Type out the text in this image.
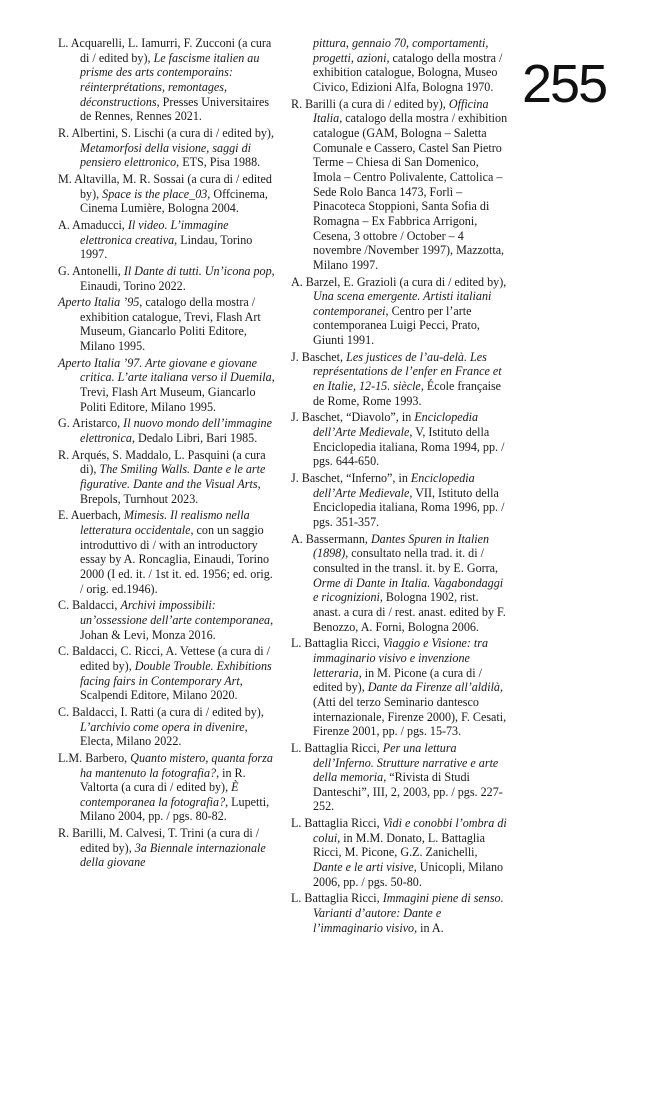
L. Acquarelli, L. Iamurri, F. Zucconi (a cura di / edited by), Le fascisme italien au prisme des arts contemporains: réinterprétations, remontages, déconstructions, Presses Universitaires de Rennes, Rennes 2021.

R. Albertini, S. Lischi (a cura di / edited by), Metamorfosi della visione, saggi di pensiero elettronico, ETS, Pisa 1988.

M. Altavilla, M. R. Sossai (a cura di / edited by), Space is the place_03, Offcinema, Cinema Lumière, Bologna 2004.

A. Amaducci, Il video. L’immagine elettronica creativa, Lindau, Torino 1997.

G. Antonelli, Il Dante di tutti. Un’icona pop, Einaudi, Torino 2022.

Aperto Italia ’95, catalogo della mostra / exhibition catalogue, Trevi, Flash Art Museum, Giancarlo Politi Editore, Milano 1995.

Aperto Italia ’97. Arte giovane e giovane critica. L’arte italiana verso il Duemila, Trevi, Flash Art Museum, Giancarlo Politi Editore, Milano 1995.

G. Aristarco, Il nuovo mondo dell’immagine elettronica, Dedalo Libri, Bari 1985.

R. Arqués, S. Maddalo, L. Pasquini (a cura di), The Smiling Walls. Dante e le arte figurative. Dante and the Visual Arts, Brepols, Turnhout 2023.

E. Auerbach, Mimesis. Il realismo nella letteratura occidentale, con un saggio introduttivo di / with an introductory essay by A. Roncaglia, Einaudi, Torino 2000 (I ed. it. / 1st it. ed. 1956; ed. orig. / orig. ed.1946).

C. Baldacci, Archivi impossibili: un’ossessione dell’arte contemporanea, Johan & Levi, Monza 2016.

C. Baldacci, C. Ricci, A. Vettese (a cura di / edited by), Double Trouble. Exhibitions facing fairs in Contemporary Art, Scalpendi Editore, Milano 2020.

C. Baldacci, I. Ratti (a cura di / edited by), L’archivio come opera in divenire, Electa, Milano 2022.

L.M. Barbero, Quanto mistero, quanta forza ha mantenuto la fotografia?, in R. Valtorta (a cura di / edited by), È contemporanea la fotografia?, Lupetti, Milano 2004, pp. / pgs. 80-82.

R. Barilli, M. Calvesi, T. Trini (a cura di / edited by), 3a Biennale internazionale della giovane

pittura, gennaio 70, comportamenti, progetti, azioni, catalogo della mostra / exhibition catalogue, Bologna, Museo Civico, Edizioni Alfa, Bologna 1970.

R. Barilli (a cura di / edited by), Officina Italia, catalogo della mostra / exhibition catalogue (GAM, Bologna – Saletta Comunale e Cassero, Castel San Pietro Terme – Chiesa di San Domenico, Imola – Centro Polivalente, Cattolica – Sede Rolo Banca 1473, Forlì – Pinacoteca Stoppioni, Santa Sofia di Romagna – Ex Fabbrica Arrigoni, Cesena, 3 ottobre / October – 4 novembre /November 1997), Mazzotta, Milano 1997.

A. Barzel, E. Grazioli (a cura di / edited by), Una scena emergente. Artisti italiani contemporanei, Centro per l’arte contemporanea Luigi Pecci, Prato, Giunti 1991.

J. Baschet, Les justices de l’au-delà. Les représentations de l’enfer en France et en Italie, 12-15. siècle, École française de Rome, Rome 1993.

J. Baschet, “Diavolo”, in Enciclopedia dell’Arte Medievale, V, Istituto della Enciclopedia italiana, Roma 1994, pp. / pgs. 644-650.

J. Baschet, “Inferno”, in Enciclopedia dell’Arte Medievale, VII, Istituto della Enciclopedia italiana, Roma 1996, pp. / pgs. 351-357.

A. Bassermann, Dantes Spuren in Italien (1898), consultato nella trad. it. di / consulted in the transl. it. by E. Gorra, Orme di Dante in Italia. Vagabondaggi e ricognizioni, Bologna 1902, rist. anast. a cura di / rest. anast. edited by F. Benozzo, A. Forni, Bologna 2006.

L. Battaglia Ricci, Viaggio e Visione: tra immaginario visivo e invenzione letteraria, in M. Picone (a cura di / edited by), Dante da Firenze all’aldilà, (Atti del terzo Seminario dantesco internazionale, Firenze 2000), F. Cesati, Firenze 2001, pp. / pgs. 15-73.

L. Battaglia Ricci, Per una lettura dell’Inferno. Strutture narrative e arte della memoria, “Rivista di Studi Danteschi”, III, 2, 2003, pp. / pgs. 227-252.

L. Battaglia Ricci, Vidi e conobbi l’ombra di colui, in M.M. Donato, L. Battaglia Ricci, M. Picone, G.Z. Zanichelli, Dante e le arti visive, Unicopli, Milano 2006, pp. / pgs. 50-80.

L. Battaglia Ricci, Immagini piene di senso. Varianti d’autore: Dante e l’immaginario visivo, in A.

255
